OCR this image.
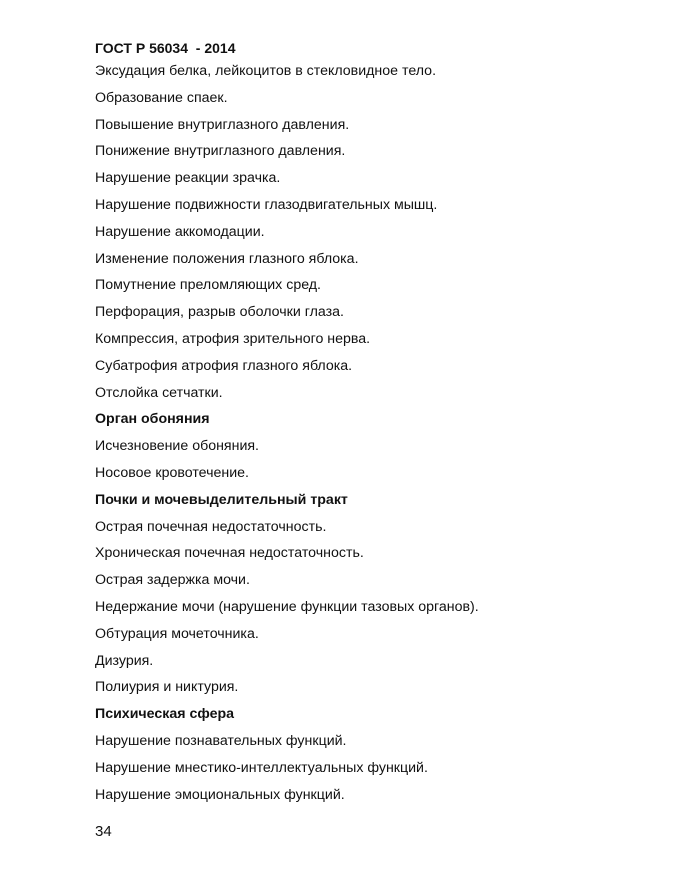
ГОСТ Р 56034  - 2014
Эксудация белка, лейкоцитов в стекловидное тело.
Образование спаек.
Повышение внутриглазного давления.
Понижение внутриглазного давления.
Нарушение реакции зрачка.
Нарушение подвижности глазодвигательных мышц.
Нарушение аккомодации.
Изменение положения глазного яблока.
Помутнение преломляющих сред.
Перфорация, разрыв оболочки глаза.
Компрессия, атрофия зрительного нерва.
Субатрофия атрофия глазного яблока.
Отслойка сетчатки.
Орган обоняния
Исчезновение обоняния.
Носовое кровотечение.
Почки и мочевыделительный тракт
Острая почечная недостаточность.
Хроническая почечная недостаточность.
Острая задержка мочи.
Недержание мочи (нарушение функции тазовых органов).
Обтурация мочеточника.
Дизурия.
Полиурия и никтурия.
Психическая сфера
Нарушение познавательных функций.
Нарушение мнестико-интеллектуальных функций.
Нарушение эмоциональных функций.
34
